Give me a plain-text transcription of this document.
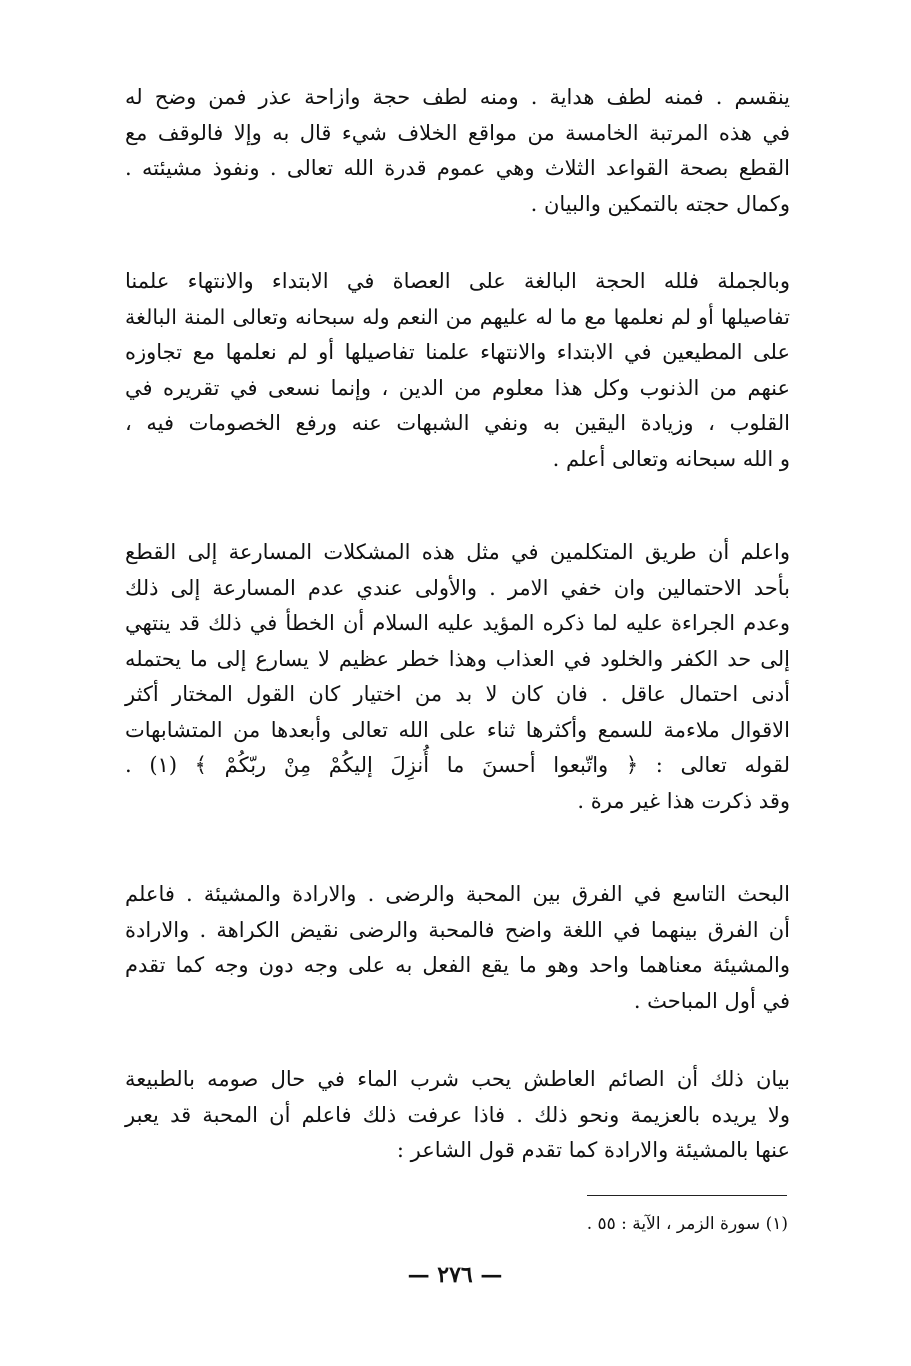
ينقسم . فمنه لطف هداية . ومنه لطف حجة وازاحة عذر فمن وضح له
في هذه المرتبة الخامسة من مواقع الخلاف شيء قال به وإلا فالوقف مع
القطع بصحة القواعد الثلاث وهي عموم قدرة الله تعالى . ونفوذ مشيئته .
وكمال حجته بالتمكين والبيان .
وبالجملة فلله الحجة البالغة على العصاة في الابتداء والانتهاء علمنا
تفاصيلها أو لم نعلمها مع ما له عليهم من النعم وله سبحانه وتعالى المنة البالغة
على المطيعين في الابتداء والانتهاء علمنا تفاصيلها أو لم نعلمها مع تجاوزه
عنهم من الذنوب وكل هذا معلوم من الدين ، وإنما نسعى في تقريره في
القلوب ، وزيادة اليقين به ونفي الشبهات عنه ورفع الخصومات فيه ،
و الله سبحانه وتعالى أعلم .
واعلم أن طريق المتكلمين في مثل هذه المشكلات المسارعة إلى القطع
بأحد الاحتمالين وان خفي الامر . والأولى عندي عدم المسارعة إلى ذلك
وعدم الجراءة عليه لما ذكره المؤيد عليه السلام أن الخطأ في ذلك قد ينتهي
إلى حد الكفر والخلود في العذاب وهذا خطر عظيم لا يسارع إلى ما يحتمله
أدنى احتمال عاقل . فان كان لا بد من اختيار كان القول المختار أكثر
الاقوال ملاءمة للسمع وأكثرها ثناء على الله تعالى وأبعدها من المتشابهات
لقوله تعالى : ﴿ واتّبعوا أحسنَ ما أُنزِلَ إليكُمْ مِنْ ربّكُمْ ﴾ (١) .
وقد ذكرت هذا غير مرة .
البحث التاسع في الفرق بين المحبة والرضى . والارادة والمشيئة . فاعلم
أن الفرق بينهما في اللغة واضح فالمحبة والرضى نقيض الكراهة . والارادة
والمشيئة معناهما واحد وهو ما يقع الفعل به على وجه دون وجه كما تقدم
في أول المباحث .
بيان ذلك أن الصائم العاطش يحب شرب الماء في حال صومه بالطبيعة
ولا يريده بالعزيمة ونحو ذلك . فاذا عرفت ذلك فاعلم أن المحبة قد يعبر
عنها بالمشيئة والارادة كما تقدم قول الشاعر :
(١) سورة الزمر ، الآية : ٥٥ .
— ٢٧٦ —
